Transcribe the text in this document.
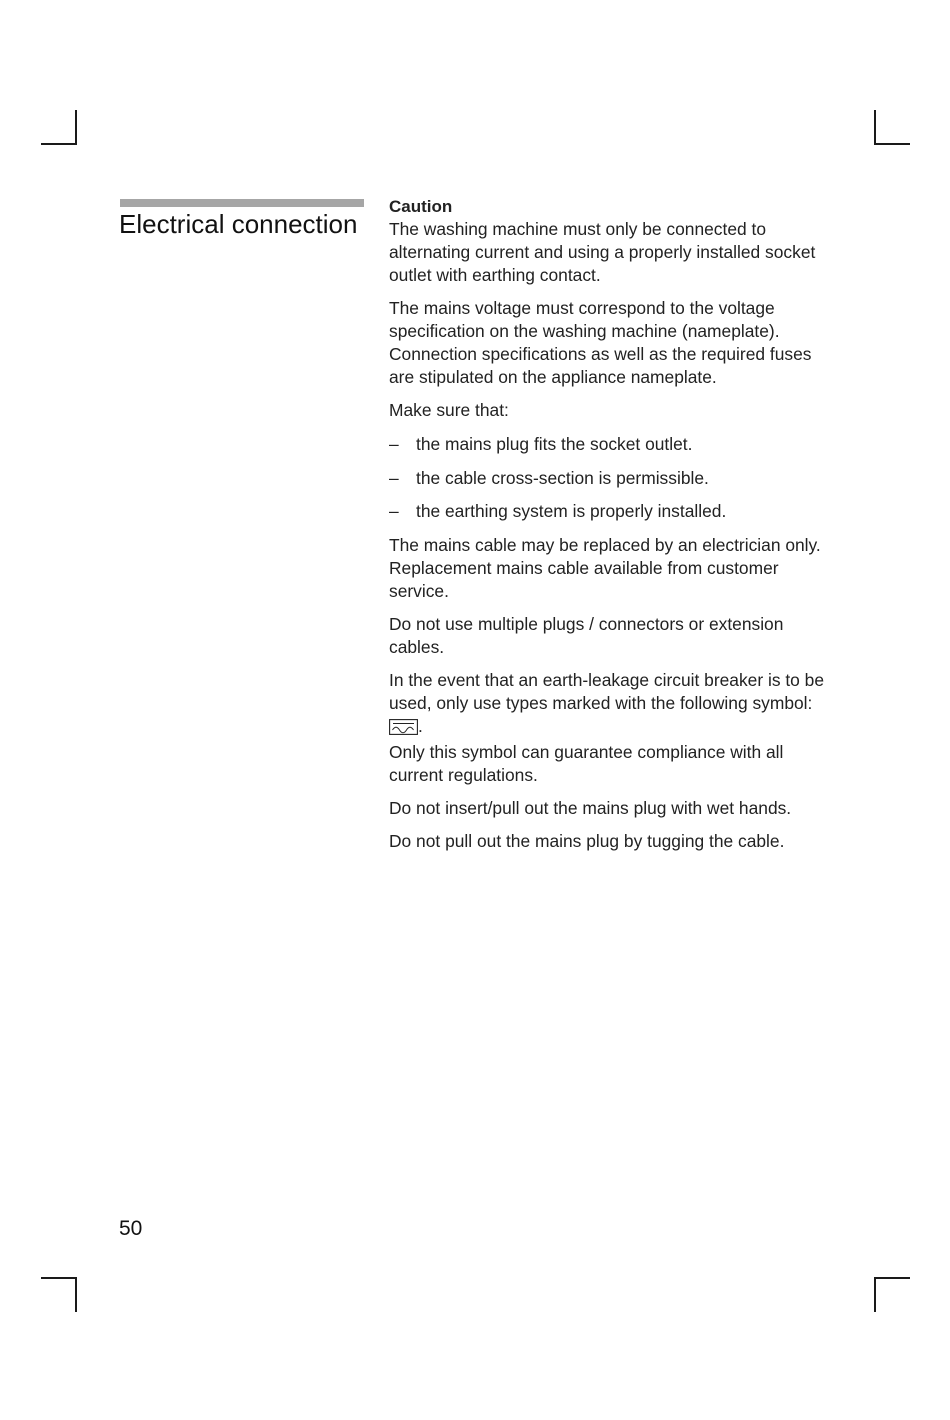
Electrical connection

Caution
The washing machine must only be connected to alternating current and using a properly installed socket outlet with earthing contact.

The mains voltage must correspond to the voltage specification on the washing machine (nameplate). Connection specifications as well as the required fuses are stipulated on the appliance nameplate.

Make sure that:

– the mains plug fits the socket outlet.
– the cable cross-section is permissible.
– the earthing system is properly installed.

The mains cable may be replaced by an electrician only.
Replacement mains cable available from customer service.

Do not use multiple plugs / connectors or extension cables.

In the event that an earth-leakage circuit breaker is to be used, only use types marked with the following symbol: .
Only this symbol can guarantee compliance with all current regulations.

Do not insert/pull out the mains plug with wet hands.

Do not pull out the mains plug by tugging the cable.

50
